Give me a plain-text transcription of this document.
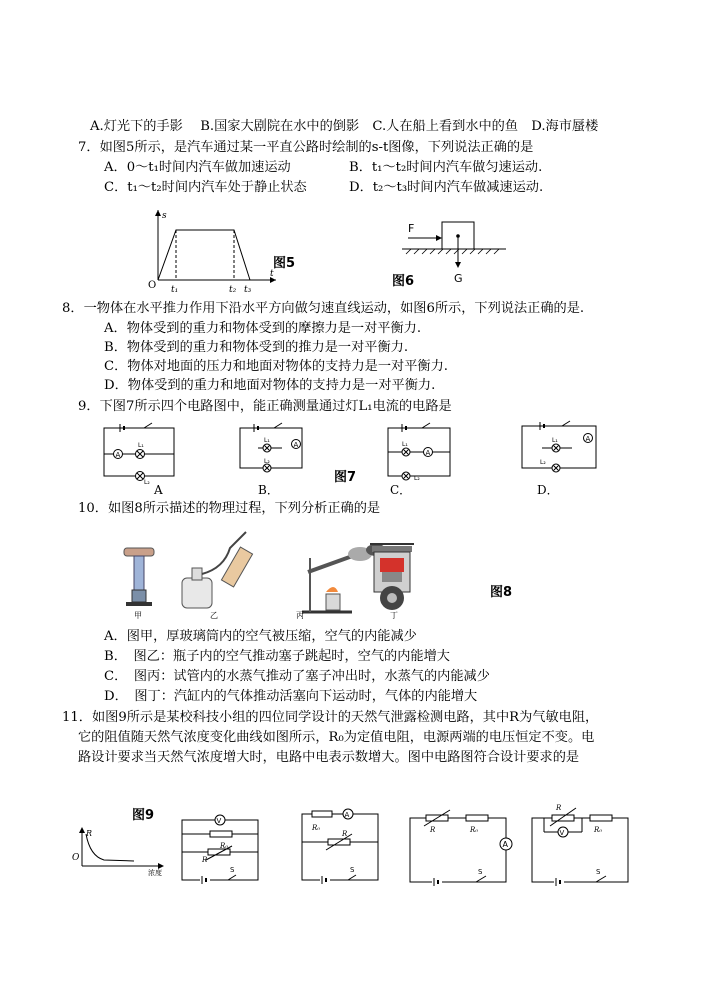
A.灯光下的手影　 B.国家大剧院在水中的倒影　C.人在船上看到水中的鱼　D.海市蜃楼
7．如图5所示，是汽车通过某一平直公路时绘制的s-t图像，下列说法正确的是
A．0～t₁时间内汽车做加速运动	B．t₁～t₂时间内汽车做匀速运动.
C．t₁～t₂时间内汽车处于静止状态	D．t₂～t₃时间内汽车做减速运动.
s
t
O t₁	t₂ t₃
图5
F
G
图6
8．一物体在水平推力作用下沿水平方向做匀速直线运动，如图6所示，下列说法正确的是.
A．物体受到的重力和物体受到的摩擦力是一对平衡力.
B．物体受到的重力和物体受到的推力是一对平衡力.
C．物体对地面的压力和地面对物体的支持力是一对平衡力.
D．物体受到的重力和地面对物体的支持力是一对平衡力.
9．下图7所示四个电路图中，能正确测量通过灯L₁电流的电路是
A
L₁
L₂
A
A
L₁
L₂
B．
图7
A
L₁
L₂
C．
A
L₁
L₂
D．
10．如图8所示描述的物理过程，下列分析正确的是
甲	乙	丙	丁
图8
A．图甲，厚玻璃筒内的空气被压缩，空气的内能减少
B．　图乙：瓶子内的空气推动塞子跳起时，空气的内能增大
C．　图丙：试管内的水蒸气推动了塞子冲出时，水蒸气的内能减少
D．　图丁：汽缸内的气体推动活塞向下运动时，气体的内能增大
11．如图9所示是某校科技小组的四位同学设计的天然气泄露检测电路，其中R为气敏电阻，
它的阻值随天然气浓度变化曲线如图所示，R₀为定值电阻，电源两端的电压恒定不变。电
路设计要求当天然气浓度增大时，电路中电表示数增大。图中电路图符合设计要求的是
R
O
浓度
图9	V
R₀
R
S
A
R₀
R
S
R	R₀
A
S
R
R₀
V
S
